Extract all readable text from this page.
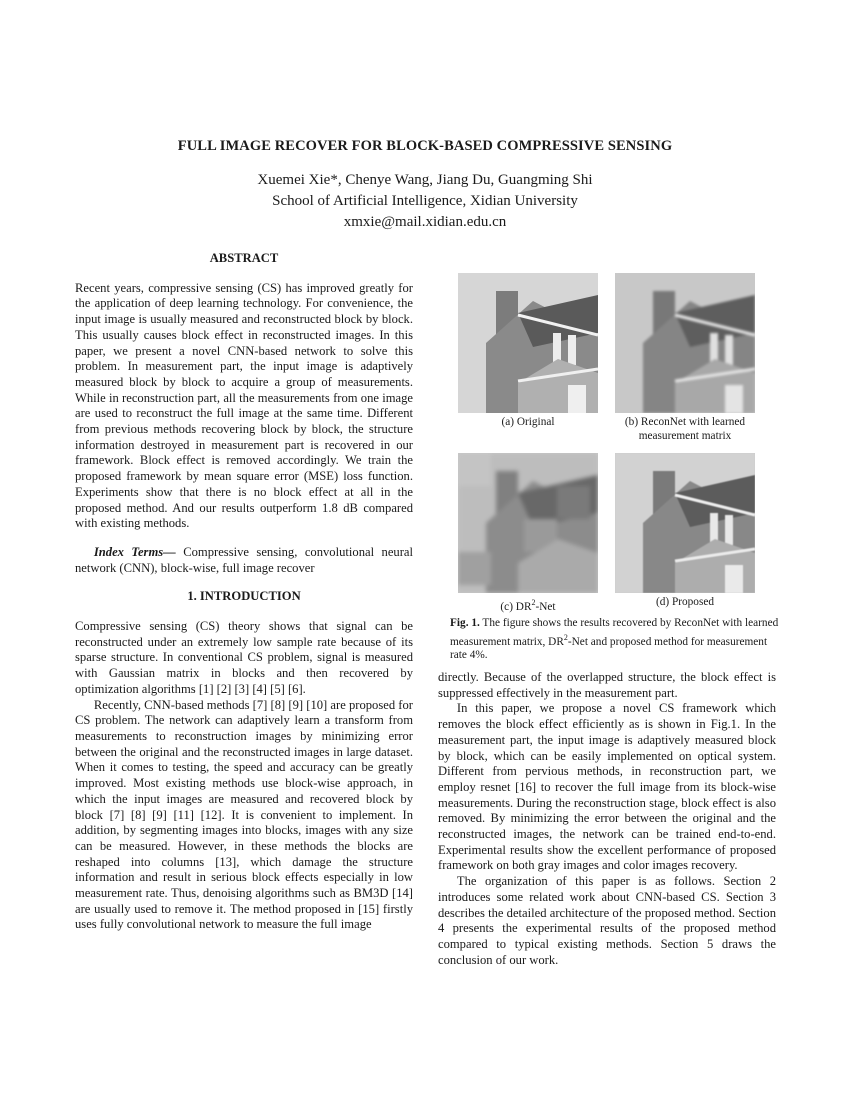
FULL IMAGE RECOVER FOR BLOCK-BASED COMPRESSIVE SENSING
Xuemei Xie*, Chenye Wang, Jiang Du, Guangming Shi
School of Artificial Intelligence, Xidian University
xmxie@mail.xidian.edu.cn

ABSTRACT

Recent years, compressive sensing (CS) has improved greatly for the application of deep learning technology. For convenience, the input image is usually measured and reconstructed block by block. This usually causes block effect in reconstructed images. In this paper, we present a novel CNN-based network to solve this problem. In measurement part, the input image is adaptively measured block by block to acquire a group of measurements. While in reconstruction part, all the measurements from one image are used to reconstruct the full image at the same time. Different from previous methods recovering block by block, the structure information destroyed in measurement part is recovered in our framework. Block effect is removed accordingly. We train the proposed framework by mean square error (MSE) loss function. Experiments show that there is no block effect at all in the proposed method. And our results outperform 1.8 dB compared with existing methods.

Index Terms— Compressive sensing, convolutional neural network (CNN), block-wise, full image recover

1. INTRODUCTION

Compressive sensing (CS) theory shows that signal can be reconstructed under an extremely low sample rate because of its sparse structure. In conventional CS problem, signal is measured with Gaussian matrix in blocks and then recovered by optimization algorithms [1] [2] [3] [4] [5] [6].

Recently, CNN-based methods [7] [8] [9] [10] are proposed for CS problem. The network can adaptively learn a transform from measurements to reconstruction images by minimizing error between the original and the reconstructed images in large dataset. When it comes to testing, the speed and accuracy can be greatly improved. Most existing methods use block-wise approach, in which the input images are measured and recovered block by block [7] [8] [9] [11] [12]. It is convenient to implement. In addition, by segmenting images into blocks, images with any size can be measured. However, in these methods the blocks are reshaped into columns [13], which damage the structure information and result in serious block effects especially in low measurement rate. Thus, denoising algorithms such as BM3D [14] are usually used to remove it. The method proposed in [15] firstly uses fully convolutional network to measure the full image

(a) Original	(b) ReconNet with learned measurement matrix
(c) $DR^2$-Net	(d) Proposed
Fig. 1. The figure shows the results recovered by ReconNet with learned measurement matrix, $DR^2$-Net and proposed method for measurement rate 4%.

directly. Because of the overlapped structure, the block effect is suppressed effectively in the measurement part.

In this paper, we propose a novel CS framework which removes the block effect efficiently as is shown in Fig.1. In the measurement part, the input image is adaptively measured block by block, which can be easily implemented on optical system. Different from pervious methods, in reconstruction part, we employ resnet [16] to recover the full image from its block-wise measurements. During the reconstruction stage, block effect is also removed. By minimizing the error between the original and the reconstructed images, the network can be trained end-to-end. Experimental results show the excellent performance of proposed framework on both gray images and color images recovery.

The organization of this paper is as follows. Section 2 introduces some related work about CNN-based CS. Section 3 describes the detailed architecture of the proposed method. Section 4 presents the experimental results of the proposed method compared to typical existing methods. Section 5 draws the conclusion of our work.
